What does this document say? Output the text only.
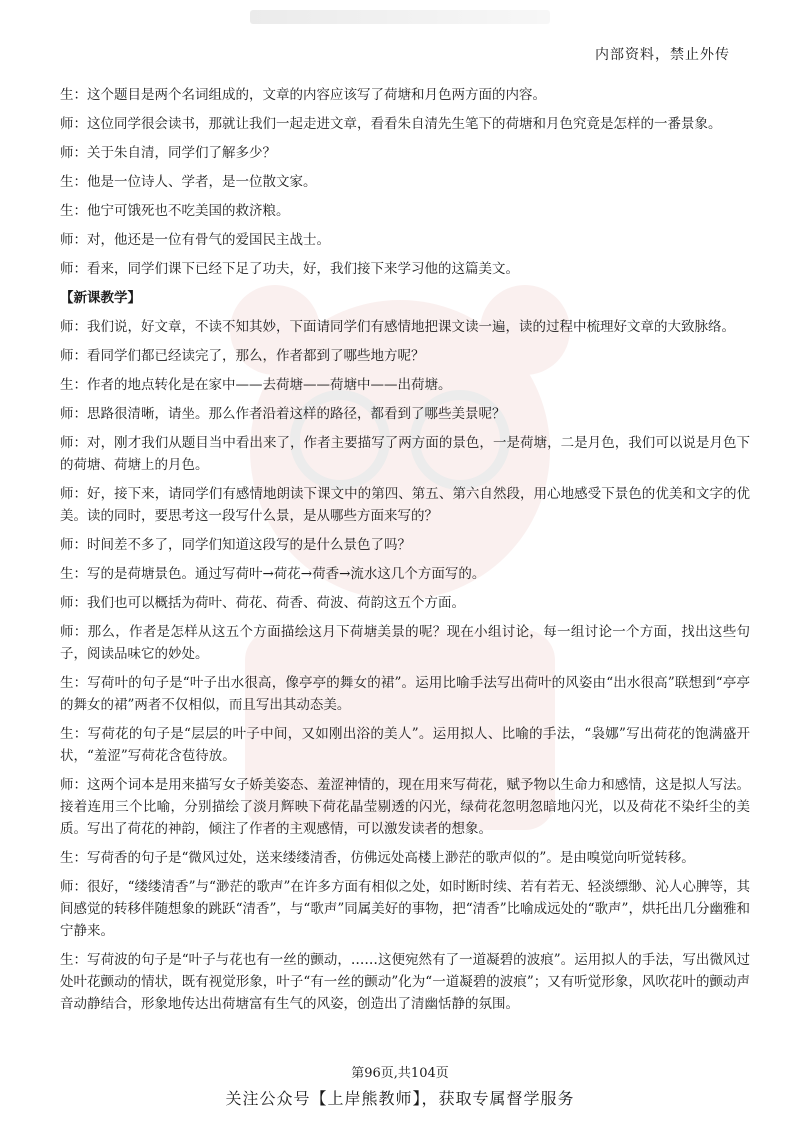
内部资料，禁止外传

生：这个题目是两个名词组成的，文章的内容应该写了荷塘和月色两方面的内容。

师：这位同学很会读书，那就让我们一起走进文章，看看朱自清先生笔下的荷塘和月色究竟是怎样的一番景象。

师：关于朱自清，同学们了解多少？

生：他是一位诗人、学者，是一位散文家。

生：他宁可饿死也不吃美国的救济粮。

师：对，他还是一位有骨气的爱国民主战士。

师：看来，同学们课下已经下足了功夫，好，我们接下来学习他的这篇美文。

【新课教学】

师：我们说，好文章，不读不知其妙，下面请同学们有感情地把课文读一遍，读的过程中梳理好文章的大致脉络。

师：看同学们都已经读完了，那么，作者都到了哪些地方呢？

生：作者的地点转化是在家中——去荷塘——荷塘中——出荷塘。

师：思路很清晰，请坐。那么作者沿着这样的路径，都看到了哪些美景呢？

师：对，刚才我们从题目当中看出来了，作者主要描写了两方面的景色，一是荷塘，二是月色，我们可以说是月色下的荷塘、荷塘上的月色。

师：好，接下来，请同学们有感情地朗读下课文中的第四、第五、第六自然段，用心地感受下景色的优美和文字的优美。读的同时，要思考这一段写什么景，是从哪些方面来写的？

师：时间差不多了，同学们知道这段写的是什么景色了吗？

生：写的是荷塘景色。通过写荷叶→荷花→荷香→流水这几个方面写的。

师：我们也可以概括为荷叶、荷花、荷香、荷波、荷韵这五个方面。

师：那么，作者是怎样从这五个方面描绘这月下荷塘美景的呢？现在小组讨论，每一组讨论一个方面，找出这些句子，阅读品味它的妙处。

生：写荷叶的句子是“叶子出水很高，像亭亭的舞女的裙”。运用比喻手法写出荷叶的风姿由“出水很高”联想到“亭亭的舞女的裙”两者不仅相似，而且写出其动态美。

生：写荷花的句子是“层层的叶子中间，又如刚出浴的美人”。运用拟人、比喻的手法，“袅娜”写出荷花的饱满盛开状，“羞涩”写荷花含苞待放。

师：这两个词本是用来描写女子娇美姿态、羞涩神情的，现在用来写荷花，赋予物以生命力和感情，这是拟人写法。接着连用三个比喻，分别描绘了淡月辉映下荷花晶莹剔透的闪光，绿荷花忽明忽暗地闪光，以及荷花不染纤尘的美质。写出了荷花的神韵，倾注了作者的主观感情，可以激发读者的想象。

生：写荷香的句子是“微风过处，送来缕缕清香，仿佛远处高楼上渺茫的歌声似的”。是由嗅觉向听觉转移。

师：很好，“缕缕清香”与“渺茫的歌声”在许多方面有相似之处，如时断时续、若有若无、轻淡缥缈、沁人心脾等，其间感觉的转移伴随想象的跳跃“清香”，与“歌声”同属美好的事物，把“清香”比喻成远处的“歌声”，烘托出几分幽雅和宁静来。

生：写荷波的句子是“叶子与花也有一丝的颤动，……这便宛然有了一道凝碧的波痕”。运用拟人的手法，写出微风过处叶花颤动的情状，既有视觉形象，叶子“有一丝的颤动”化为“一道凝碧的波痕”；又有听觉形象，风吹花叶的颤动声音动静结合，形象地传达出荷塘富有生气的风姿，创造出了清幽恬静的氛围。

第96页,共104页
关注公众号【上岸熊教师】，获取专属督学服务
